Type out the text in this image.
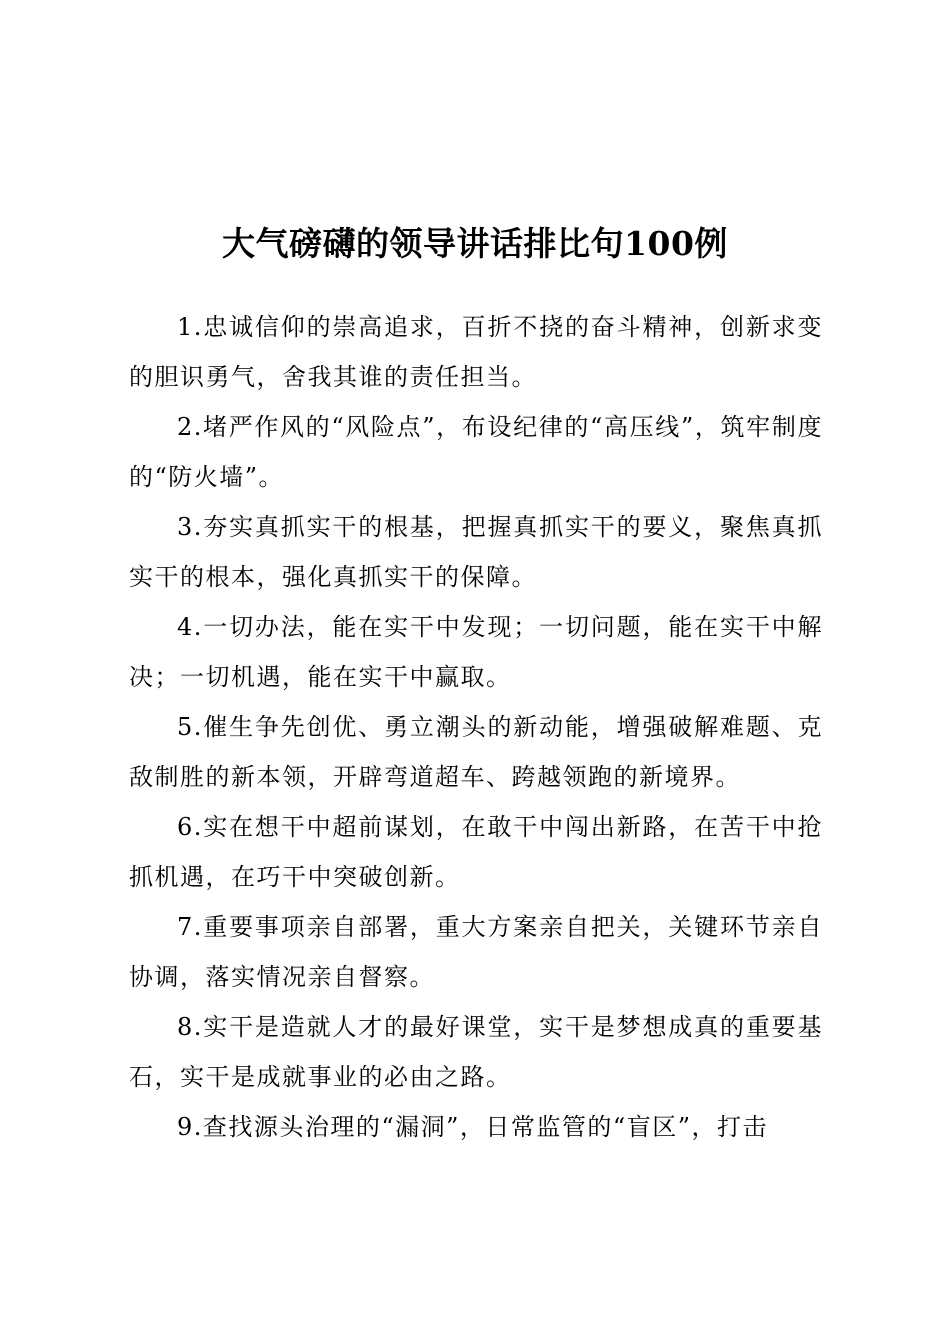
大气磅礴的领导讲话排比句100例

1.忠诚信仰的崇高追求，百折不挠的奋斗精神，创新求变的胆识勇气，舍我其谁的责任担当。

2.堵严作风的“风险点”，布设纪律的“高压线”，筑牢制度的“防火墙”。

3.夯实真抓实干的根基，把握真抓实干的要义，聚焦真抓实干的根本，强化真抓实干的保障。

4.一切办法，能在实干中发现；一切问题，能在实干中解决；一切机遇，能在实干中赢取。

5.催生争先创优、勇立潮头的新动能，增强破解难题、克敌制胜的新本领，开辟弯道超车、跨越领跑的新境界。

6.实在想干中超前谋划，在敢干中闯出新路，在苦干中抢抓机遇，在巧干中突破创新。

7.重要事项亲自部署，重大方案亲自把关，关键环节亲自协调，落实情况亲自督察。

8.实干是造就人才的最好课堂，实干是梦想成真的重要基石，实干是成就事业的必由之路。

9.查找源头治理的“漏洞”，日常监管的“盲区”，打击
